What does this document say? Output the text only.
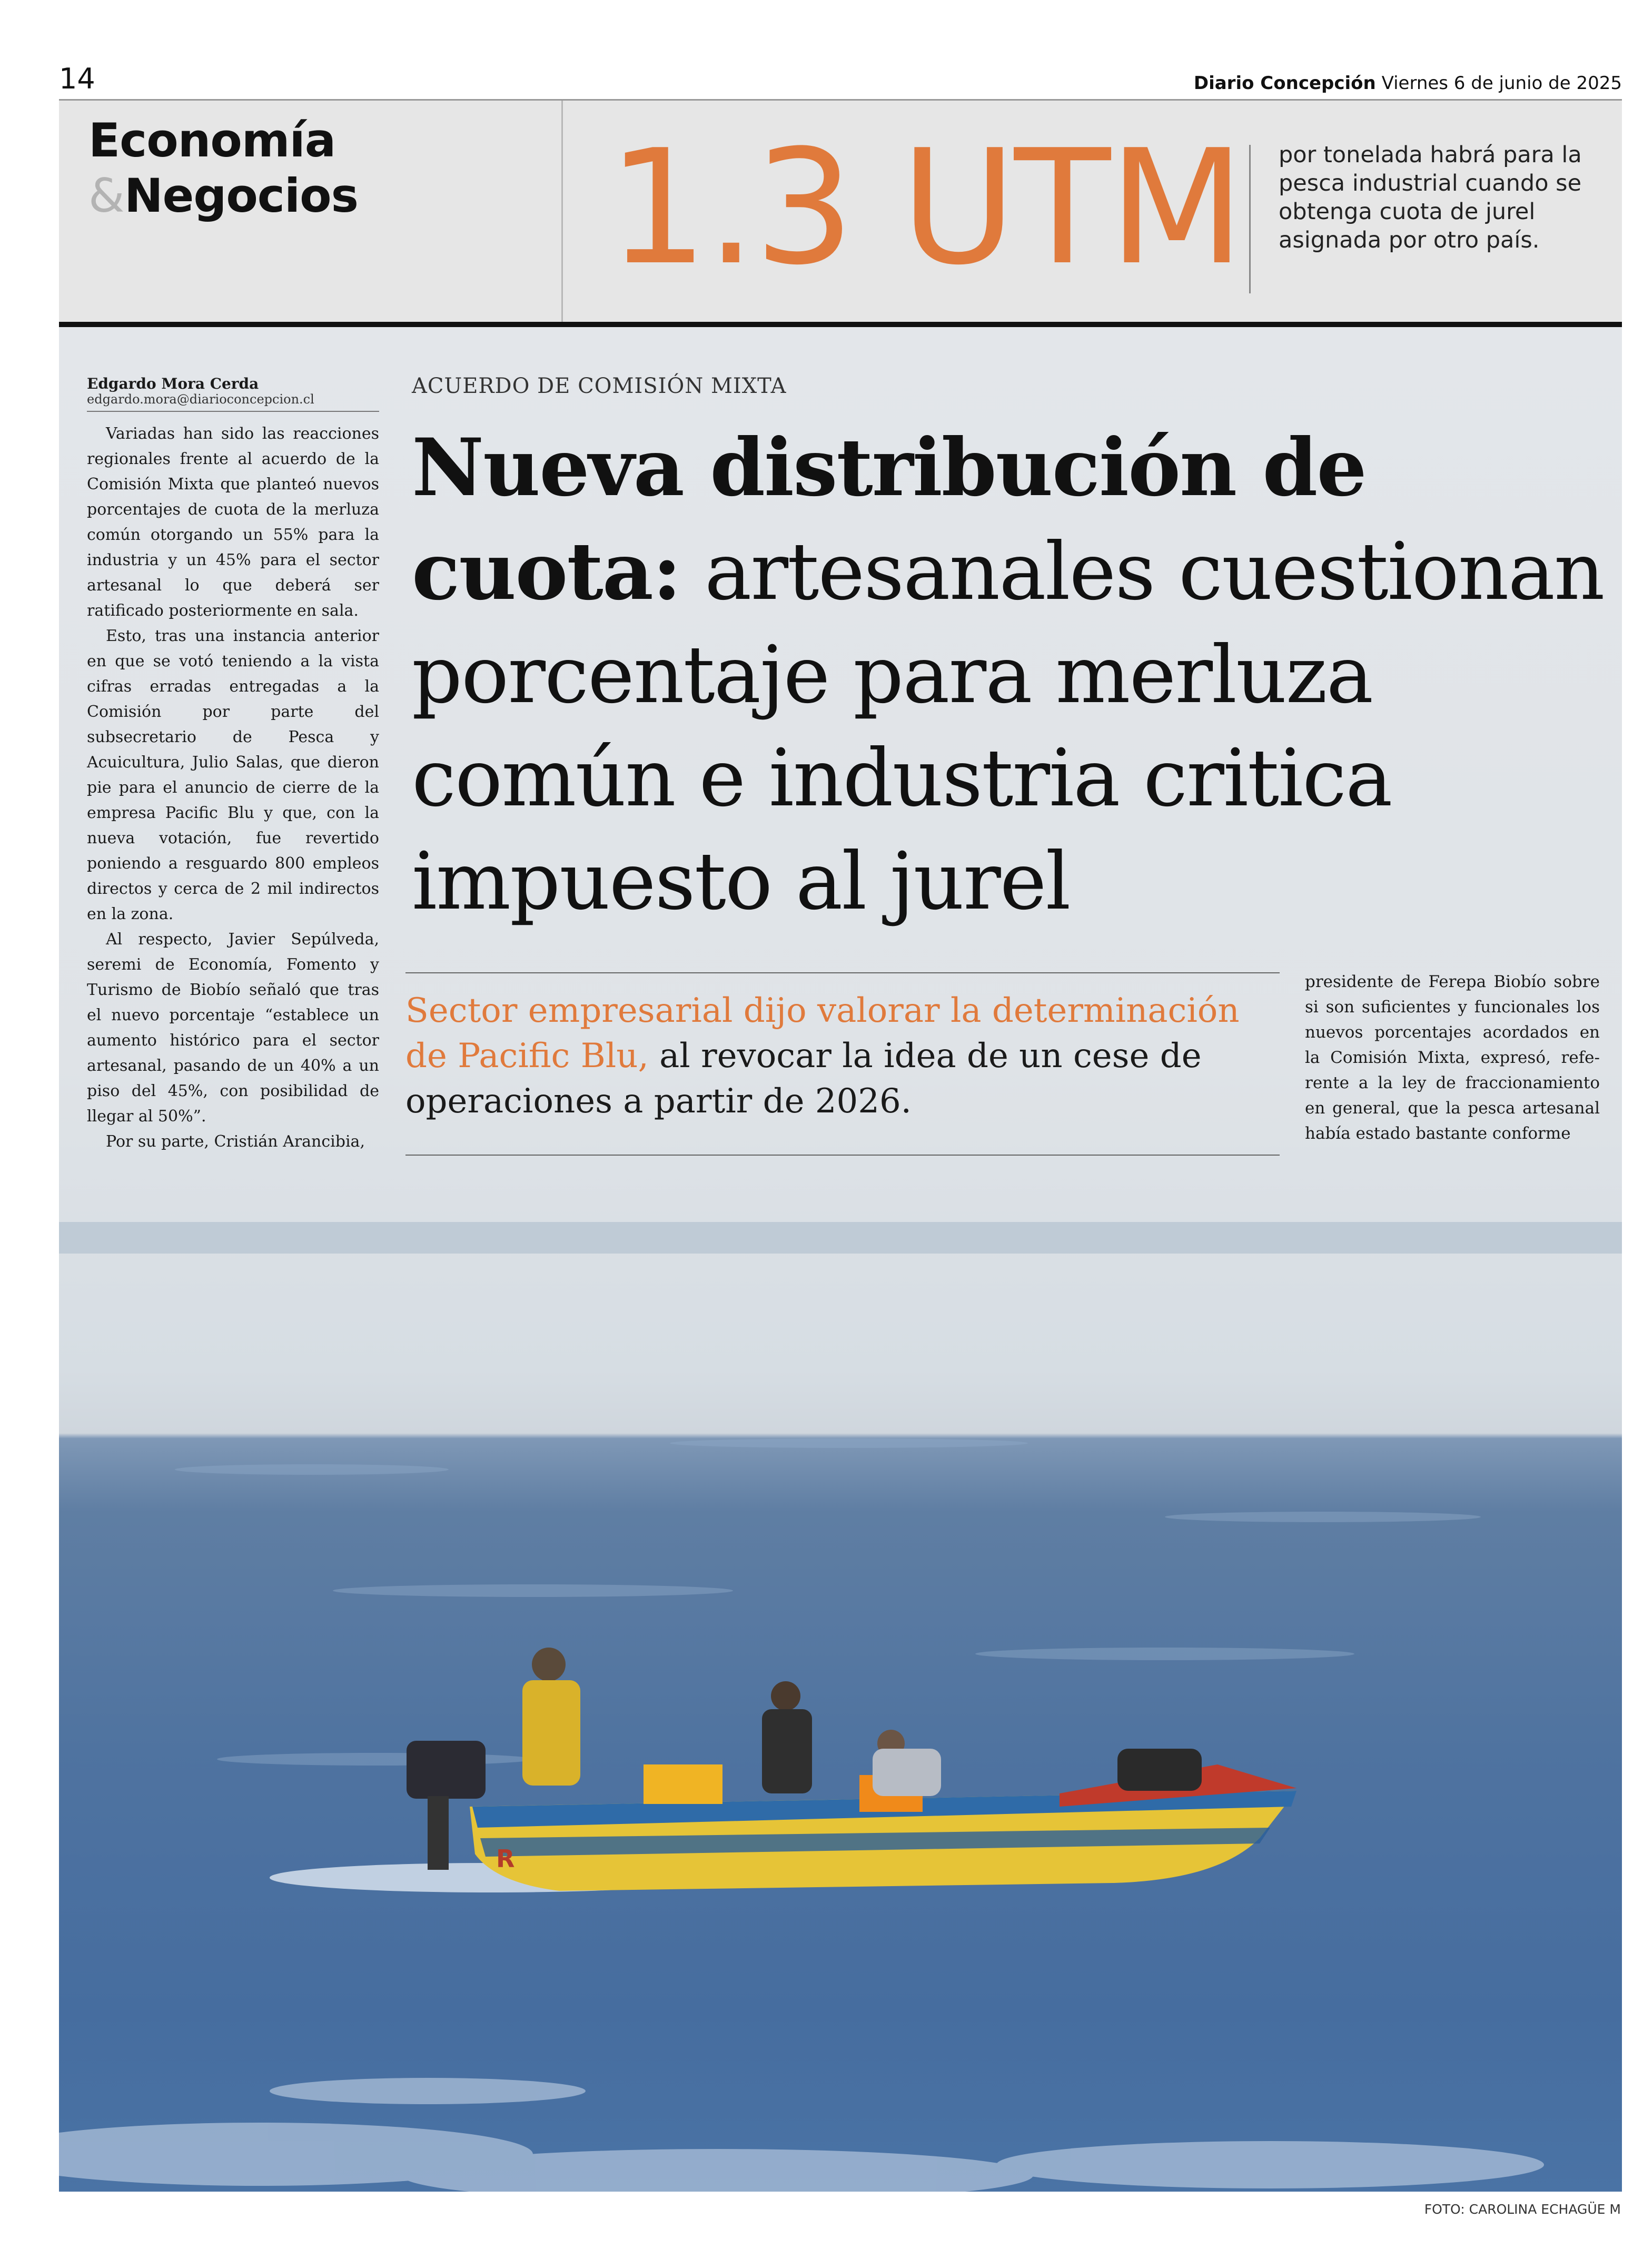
14	Diario Concepción Viernes 6 de junio de 2025
Economía
& Negocios 1.3 UTM por tonelada habrá para la pesca industrial cuando se obtenga cuota de jurel asignada por otro país.
R
Edgardo Mora Cerda
edgardo.mora@diarioconcepcion.cl

Variadas han sido las reacciones regionales frente al acuerdo de la Comisión Mixta que planteó nuevos porcentajes de cuota de la merluza común otorgando un 55% para la industria y un 45% para el sector artesanal lo que deberá ser ratificado posteriormente en sala.

Esto, tras una instancia anterior en que se votó teniendo a la vista cifras erradas entregadas a la Comisión por parte del subsecretario de Pesca y Acuicultura, Julio Salas, que dieron pie para el anuncio de cierre de la empresa Pacific Blu y que, con la nueva votación, fue revertido poniendo a resguardo 800 empleos directos y cerca de 2 mil indirectos en la zona.

Al respecto, Javier Sepúlveda, seremi de Economía, Fomento y Turismo de Biobío señaló que tras el nuevo porcentaje “establece un aumento histórico para el sector artesanal, pasando de un 40% a un piso del 45%, con posibilidad de llegar al 50%”.

Por su parte, Cristián Arancibia,

ACUERDO DE COMISIÓN MIXTA
Nueva distribución de cuota: artesanales cuestionan porcentaje para merluza común e industria critica impuesto al jurel
Sector empresarial dijo valorar la determinación de Pacific Blu, al revocar la idea de un cese de operaciones a partir de 2026.
presidente de Ferepa Biobío sobre si son suficientes y funcionales los nuevos porcentajes acordados en la Comisión Mixta, expresó, referente a la ley de fraccionamiento en general, que la pesca artesanal había estado bastante conforme
FOTO: CAROLINA ECHAGÜE M
